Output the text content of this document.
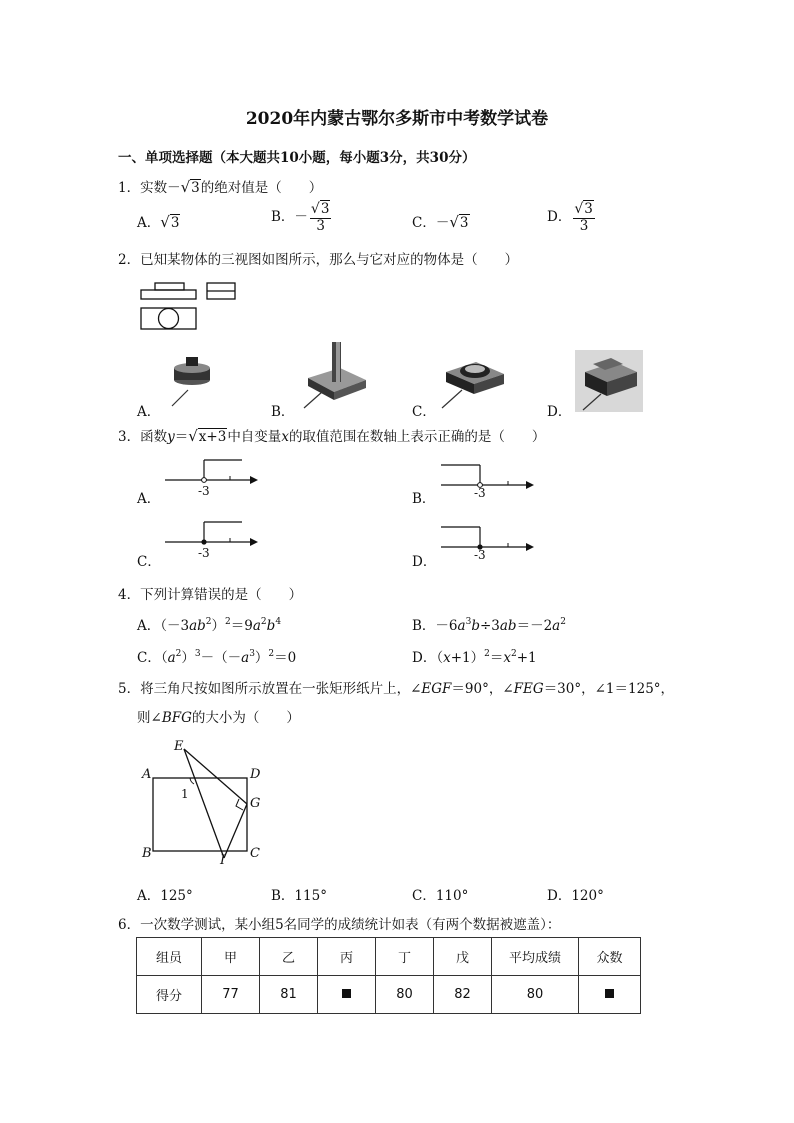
2020年内蒙古鄂尔多斯市中考数学试卷
一、单项选择题（本大题共10小题，每小题3分，共30分）
1．实数－√3的绝对值是（　　）
A．√3	B．－ $\frac{√3}{3}$	C．－√3	D． $\frac{√3}{3}$
2．已知某物体的三视图如图所示，那么与它对应的物体是（　　）
A．	B．	C．	D．
3．函数y＝√x+3中自变量x的取值范围在数轴上表示正确的是（　　）
A．	-3	B．	-3
C．
-3
D．	-3
4．下列计算错误的是（　　）
A．$(-3ab^2)^2=9a^2b^4$	B．$-6a^3b\div 3ab=-2a^2$
C．$(a^2)^3-(-a^3)^2=0$	D．$(x+1)^2=x^2+1$
5．将三角尺按如图所示放置在一张矩形纸片上，∠EGF＝90°，∠FEG＝30°，∠1＝125°，
则∠BFG的大小为（　　）
E
A	D
G
1
B	I C
A．125°	B．115°	C．110°	D．120°
6．一次数学测试，某小组5名同学的成绩统计如表（有两个数据被遮盖）：
组员	甲	乙	丙	丁	戊	平均成绩	众数
得分	77	81		80	82	80	
